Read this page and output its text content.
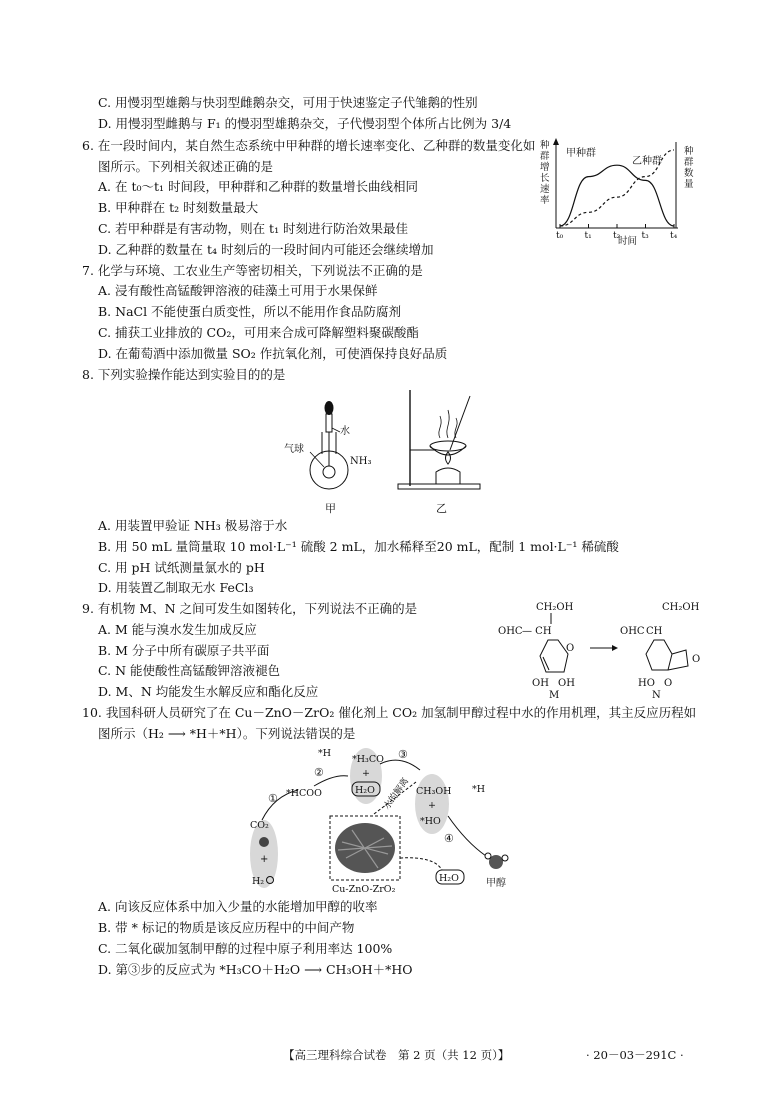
C. 用慢羽型雄鹅与快羽型雌鹅杂交，可用于快速鉴定子代雏鹅的性别
D. 用慢羽型雌鹅与 F₁ 的慢羽型雄鹅杂交，子代慢羽型个体所占比例为 3/4
6. 在一段时间内，某自然生态系统中甲种群的增长速率变化、乙种群的数量变化如
图所示。下列相关叙述正确的是
A. 在 t₀～t₁ 时间段，甲种群和乙种群的数量增长曲线相同
B. 甲种群在 t₂ 时刻数量最大
C. 若甲种群是有害动物，则在 t₁ 时刻进行防治效果最佳
D. 乙种群的数量在 t₄ 时刻后的一段时间内可能还会继续增加
种群增长速率
种群数量
t₀ t₁ t₂ t₃ t₄
甲种群
乙种群
时间
7. 化学与环境、工农业生产等密切相关，下列说法不正确的是
A. 浸有酸性高锰酸钾溶液的硅藻土可用于水果保鲜
B. NaCl 不能使蛋白质变性，所以不能用作食品防腐剂
C. 捕获工业排放的 CO₂，可用来合成可降解塑料聚碳酸酯
D. 在葡萄酒中添加微量 SO₂ 作抗氧化剂，可使酒保持良好品质
8. 下列实验操作能达到实验目的的是
气球
水
NH₃
甲	乙
A. 用装置甲验证 NH₃ 极易溶于水
B. 用 50 mL 量筒量取 10 mol·L⁻¹ 硫酸 2 mL，加水稀释至20 mL，配制 1 mol·L⁻¹ 稀硫酸
C. 用 pH 试纸测量氯水的 pH
D. 用装置乙制取无水 FeCl₃
9. 有机物 M、N 之间可发生如图转化，下列说法不正确的是
A. M 能与溴水发生加成反应
B. M 分子中所有碳原子共平面
C. N 能使酸性高锰酸钾溶液褪色
D. M、N 均能发生水解反应和酯化反应
CH₂OH
OHC — CH
O
OH OH
M
CH₂OH
OHC CH
O
HO O
N
10. 我国科研人员研究了在 Cu－ZnO－ZrO₂ 催化剂上 CO₂ 加氢制甲醇过程中水的作用机理，其主反应历程如
图所示（H₂ ⟶ *H＋*H）。下列说法错误的是
①
②
③
④
CO₂
+
H₂
*HCOO
*H
*H₃CO
+
H₂O	CH₃OH
+
*HO
*H
水的解离
Cu-ZnO-ZrO₂
H₂O	甲醇
A. 向该反应体系中加入少量的水能增加甲醇的收率
B. 带 * 标记的物质是该反应历程中的中间产物
C. 二氧化碳加氢制甲醇的过程中原子利用率达 100%
D. 第③步的反应式为 *H₃CO＋H₂O ⟶ CH₃OH＋*HO
【高三理科综合试卷　第 2 页（共 12 页）】	· 20－03－291C ·
